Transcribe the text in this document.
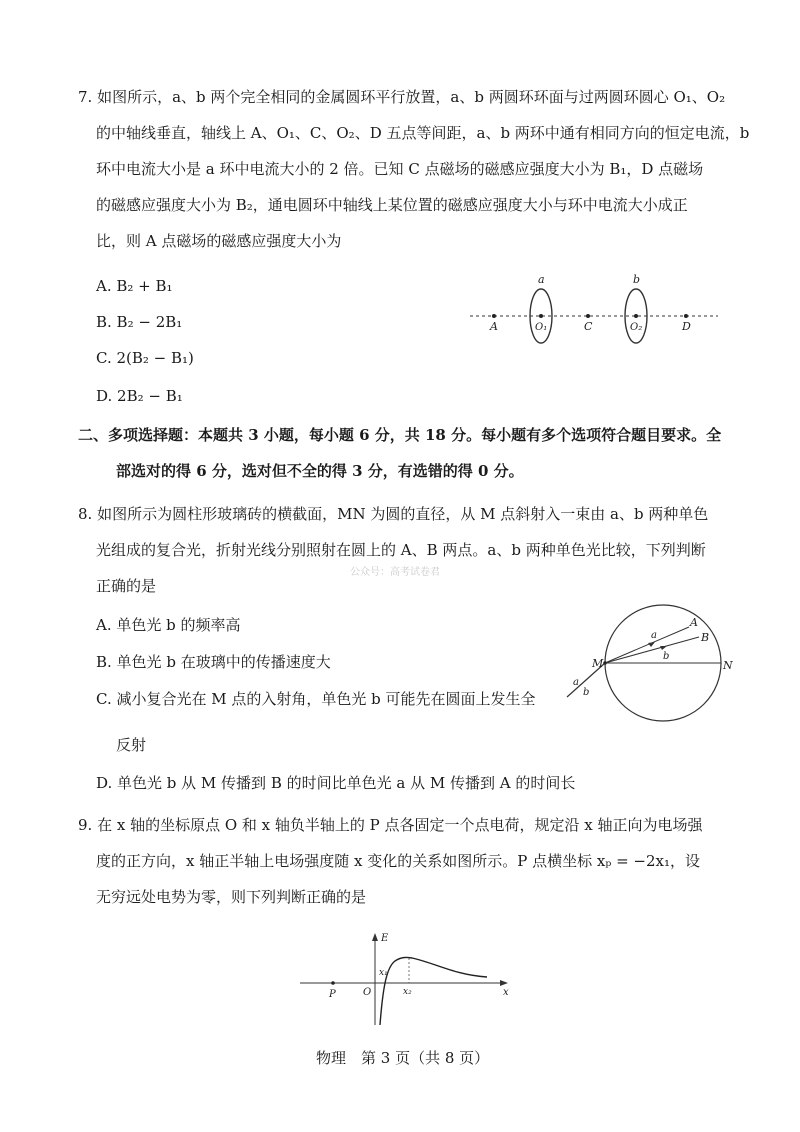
7. 如图所示，a、b 两个完全相同的金属圆环平行放置，a、b 两圆环环面与过两圆环圆心 O₁、O₂
的中轴线垂直，轴线上 A、O₁、C、O₂、D 五点等间距，a、b 两环中通有相同方向的恒定电流，b
环中电流大小是 a 环中电流大小的 2 倍。已知 C 点磁场的磁感应强度大小为 B₁，D 点磁场
的磁感应强度大小为 B₂，通电圆环中轴线上某位置的磁感应强度大小与环中电流大小成正
比，则 A 点磁场的磁感应强度大小为
A. B₂ + B₁
B. B₂ − 2B₁
C. 2(B₂ − B₁)
D. 2B₂ − B₁
a	b
A	O₁	C	O₂	D
二、多项选择题：本题共 3 小题，每小题 6 分，共 18 分。每小题有多个选项符合题目要求。全
部选对的得 6 分，选对但不全的得 3 分，有选错的得 0 分。
8. 如图所示为圆柱形玻璃砖的横截面，MN 为圆的直径，从 M 点斜射入一束由 a、b 两种单色
光组成的复合光，折射光线分别照射在圆上的 A、B 两点。a、b 两种单色光比较，下列判断
公众号：高考试卷君
正确的是
A. 单色光 b 的频率高
B. 单色光 b 在玻璃中的传播速度大
C. 减小复合光在 M 点的入射角，单色光 b 可能先在圆面上发生全
反射
D. 单色光 b 从 M 传播到 B 的时间比单色光 a 从 M 传播到 A 的时间长
M	N
A
B
a
b
a
b
9. 在 x 轴的坐标原点 O 和 x 轴负半轴上的 P 点各固定一个点电荷，规定沿 x 轴正向为电场强
度的正方向，x 轴正半轴上电场强度随 x 变化的关系如图所示。P 点横坐标 xₚ = −2x₁，设
无穷远处电势为零，则下列判断正确的是
E
x
O
P
x₁
x₂
物理　第 3 页（共 8 页）
